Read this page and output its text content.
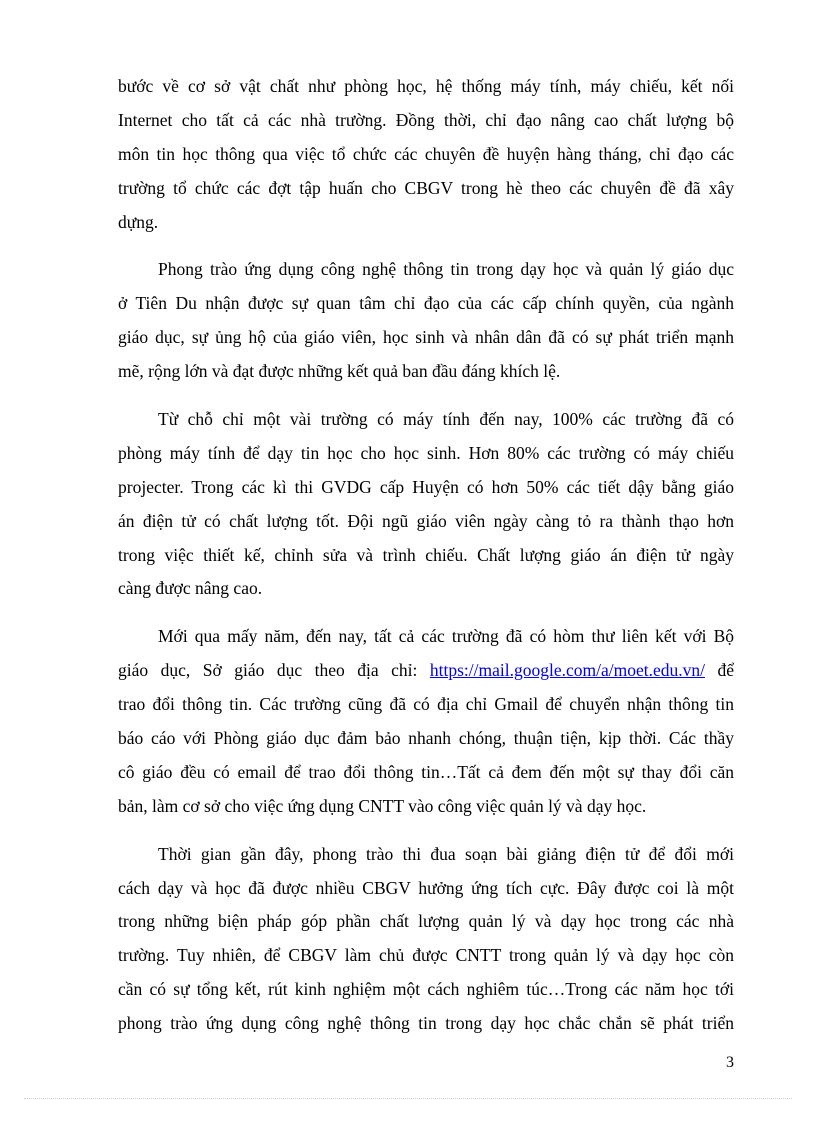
bước về cơ sở vật chất như phòng học, hệ thống máy tính, máy chiếu, kết nối
Internet cho tất cả các nhà trường. Đồng thời, chỉ đạo nâng cao chất lượng bộ
môn tin học thông qua việc tổ chức các chuyên đề huyện hàng tháng, chỉ đạo các
trường tổ chức các đợt tập huấn cho CBGV trong hè theo các chuyên đề đã xây
dựng.
Phong trào ứng dụng công nghệ thông tin trong dạy học và quản lý giáo dục
ở Tiên Du nhận được sự quan tâm chỉ đạo của các cấp chính quyền, của ngành
giáo dục, sự ủng hộ của giáo viên, học sinh và nhân dân đã có sự phát triển mạnh
mẽ, rộng lớn và đạt được những kết quả ban đầu đáng khích lệ.
Từ chỗ chỉ một vài trường có máy tính đến nay, 100% các trường đã có
phòng máy tính để dạy tin học cho học sinh. Hơn 80% các trường có máy chiếu
projecter. Trong các kì thi GVDG cấp Huyện có hơn 50% các tiết dậy bằng giáo
án điện tử có chất lượng tốt. Đội ngũ giáo viên ngày càng tỏ ra thành thạo hơn
trong việc thiết kế, chỉnh sửa và trình chiếu. Chất lượng giáo án điện tử ngày
càng được nâng cao.
Mới qua mấy năm, đến nay, tất cả các trường đã có hòm thư liên kết với Bộ
giáo dục, Sở giáo dục theo địa chỉ: https://mail.google.com/a/moet.edu.vn/ để
trao đổi thông tin. Các trường cũng đã có địa chỉ Gmail để chuyển nhận thông tin
báo cáo với Phòng giáo dục đảm bảo nhanh chóng, thuận tiện, kịp thời. Các thầy
cô giáo đều có email để trao đổi thông tin…Tất cả đem đến một sự thay đổi căn
bản, làm cơ sở cho việc ứng dụng CNTT vào công việc quản lý và dạy học.
Thời gian gần đây, phong trào thi đua soạn bài giảng điện tử để đổi mới
cách dạy và học đã được nhiều CBGV hưởng ứng tích cực. Đây được coi là một
trong những biện pháp góp phần chất lượng quản lý và dạy học trong các nhà
trường. Tuy nhiên, để CBGV làm chủ được CNTT trong quản lý và dạy học còn
cần có sự tổng kết, rút kinh nghiệm một cách nghiêm túc…Trong các năm học tới
phong trào ứng dụng công nghệ thông tin trong dạy học chắc chắn sẽ phát triển
3
